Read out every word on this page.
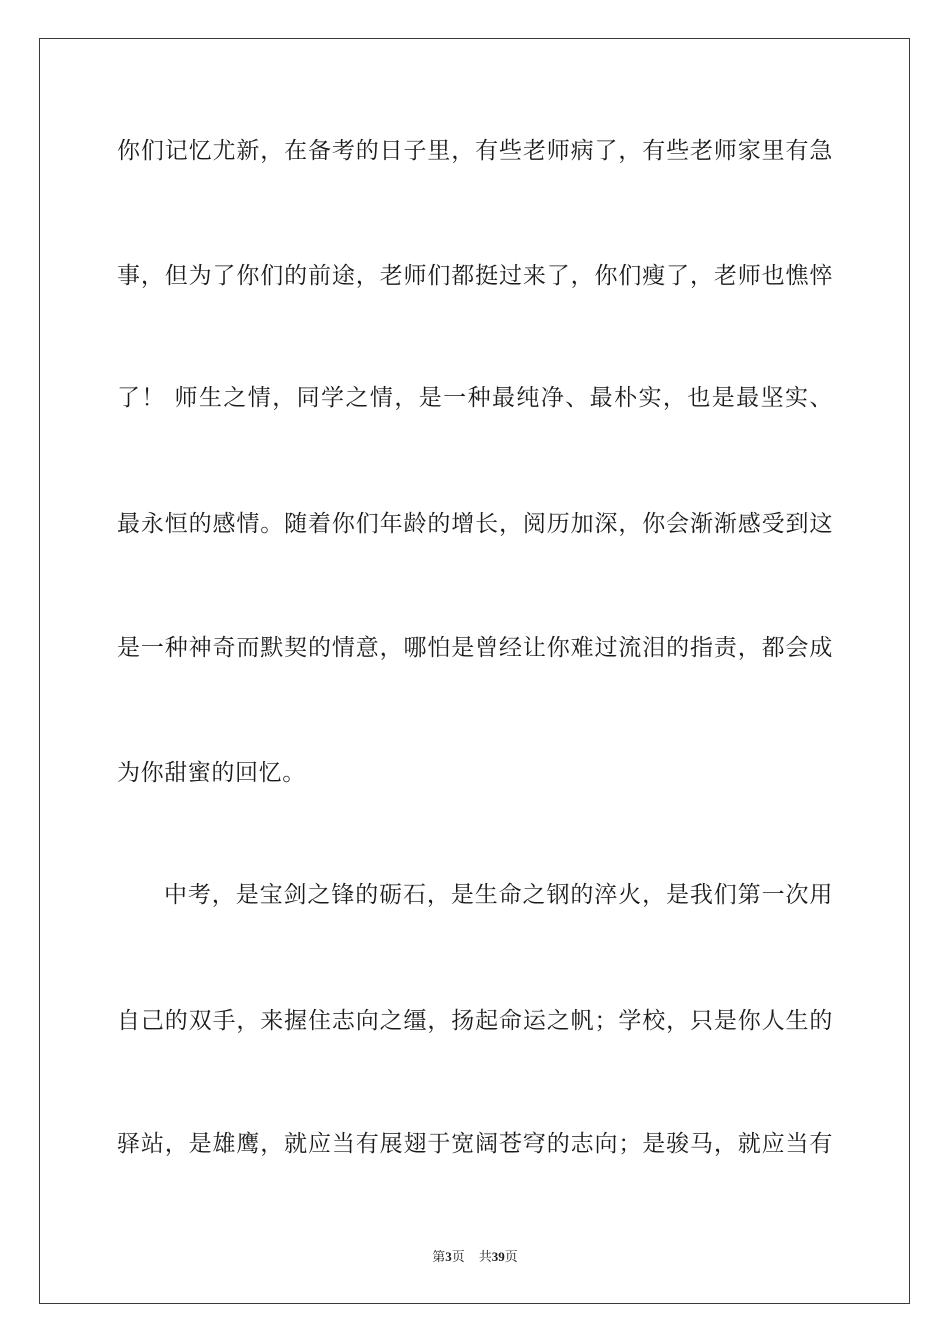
你们记忆尤新，在备考的日子里，有些老师病了，有些老师家里有急
事，但为了你们的前途，老师们都挺过来了，你们瘦了，老师也憔悴
了！ 师生之情，同学之情，是一种最纯净、最朴实，也是最坚实、
最永恒的感情。随着你们年龄的增长，阅历加深，你会渐渐感受到这
是一种神奇而默契的情意，哪怕是曾经让你难过流泪的指责，都会成
为你甜蜜的回忆。
中考，是宝剑之锋的砺石，是生命之钢的淬火，是我们第一次用
自己的双手，来握住志向之缰，扬起命运之帆；学校，只是你人生的
驿站，是雄鹰，就应当有展翅于宽阔苍穹的志向；是骏马，就应当有
第3页 共39页
